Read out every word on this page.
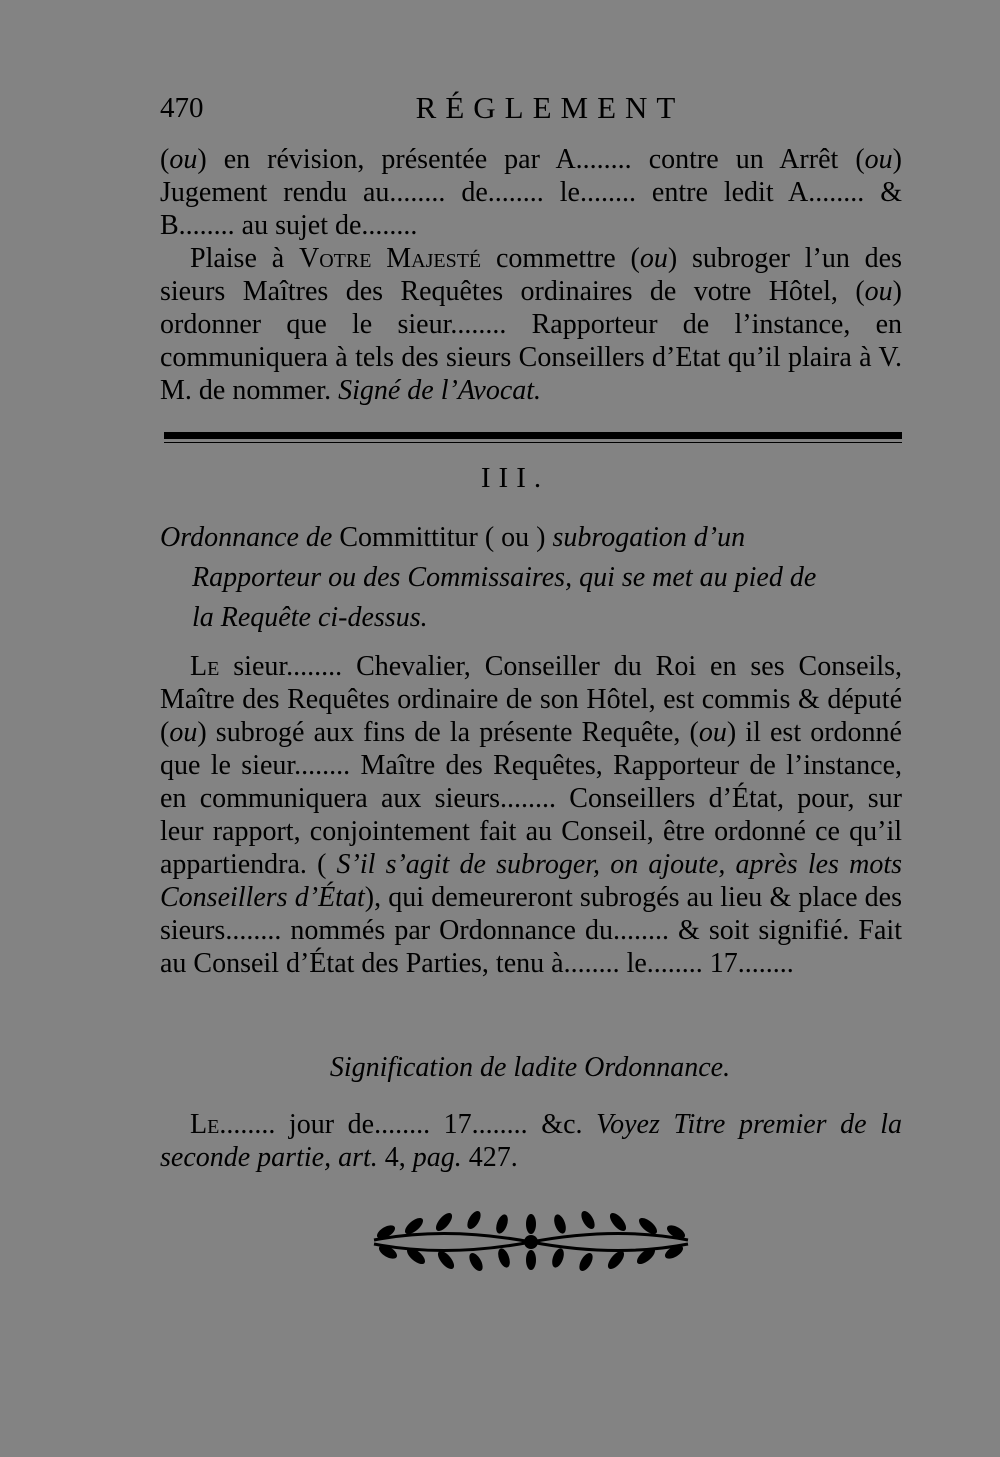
470	RÉGLEMENT

(ou) en révision, présentée par A........ contre un Arrêt (ou) Jugement rendu au........ de........ le........ entre ledit A........ & B........ au sujet de........

Plaise à Votre Majesté commettre (ou) subroger l’un des sieurs Maîtres des Requêtes ordinaires de votre Hôtel, (ou) ordonner que le sieur........ Rapporteur de l’instance, en communiquera à tels des sieurs Conseillers d’Etat qu’il plaira à V. M. de nommer. Signé de l’Avocat.

III.

Ordonnance de Committitur ( ou ) subrogation d’un
Rapporteur ou des Commissaires, qui se met au pied de
la Requête ci-dessus.

Le sieur........ Chevalier, Conseiller du Roi en ses Conseils, Maître des Requêtes ordinaire de son Hôtel, est commis & député (ou) subrogé aux fins de la présente Requête, (ou) il est ordonné que le sieur........ Maître des Requêtes, Rapporteur de l’instance, en communiquera aux sieurs........ Conseillers d’État, pour, sur leur rapport, conjointement fait au Conseil, être ordonné ce qu’il appartiendra. ( S’il s’agit de subroger, on ajoute, après les mots Conseillers d’État), qui demeureront subrogés au lieu & place des sieurs........ nommés par Ordonnance du........ & soit signifié. Fait au Conseil d’État des Parties, tenu à........ le........ 17........

Signification de ladite Ordonnance.

Le........ jour de........ 17........ &c. Voyez Titre premier de la seconde partie, art. 4, pag. 427.
